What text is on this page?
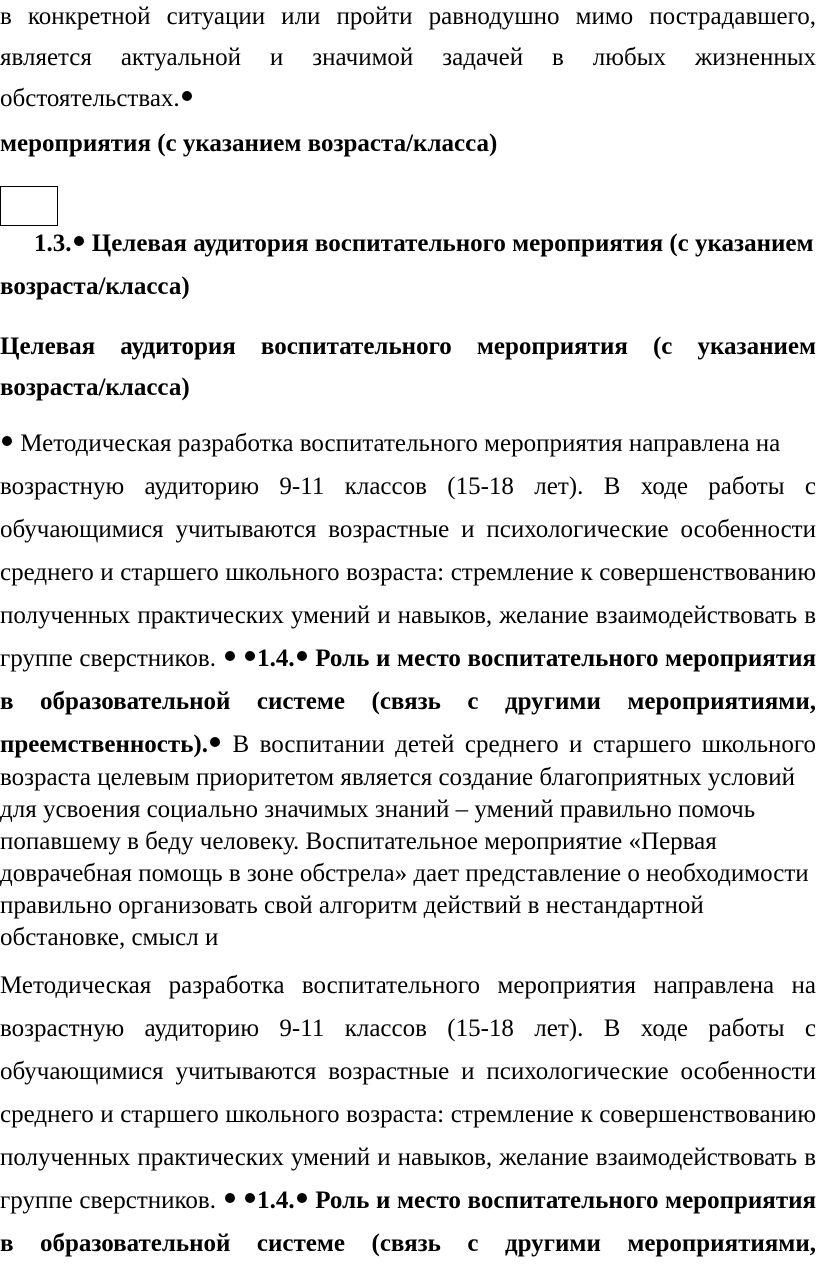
в конкретной ситуации или пройти равнодушно мимо пострадавшего,

является актуальной и значимой задачей в любых жизненных

обстоятельствах.

мероприятия (с указанием возраста/класса)

1.3. Целевая аудитория воспитательного мероприятия (с указанием

возраста/класса)

Целевая аудитория воспитательного мероприятия (с указанием

возраста/класса)

Методическая разработка воспитательного мероприятия направлена на

возрастную аудиторию 9-11 классов (15-18 лет). В ходе работы с

обучающимися учитываются возрастные и психологические особенности

среднего и старшего школьного возраста: стремление к совершенствованию

полученных практических умений и навыков, желание взаимодействовать в

группе сверстников. 1.4. Роль и место воспитательного мероприятия

в образовательной системе (связь с другими мероприятиями,

преемственность). В воспитании детей среднего и старшего школьного

возраста целевым приоритетом является создание благоприятных условий

для усвоения социально значимых знаний – умений правильно помочь

попавшему в беду человеку. Воспитательное мероприятие «Первая

доврачебная помощь в зоне обстрела» дает представление о необходимости

правильно организовать свой алгоритм действий в нестандартной

обстановке, смысл и

Методическая разработка воспитательного мероприятия направлена на

возрастную аудиторию 9-11 классов (15-18 лет). В ходе работы с

обучающимися учитываются возрастные и психологические особенности

среднего и старшего школьного возраста: стремление к совершенствованию

полученных практических умений и навыков, желание взаимодействовать в

группе сверстников. 1.4. Роль и место воспитательного мероприятия

в образовательной системе (связь с другими мероприятиями,
